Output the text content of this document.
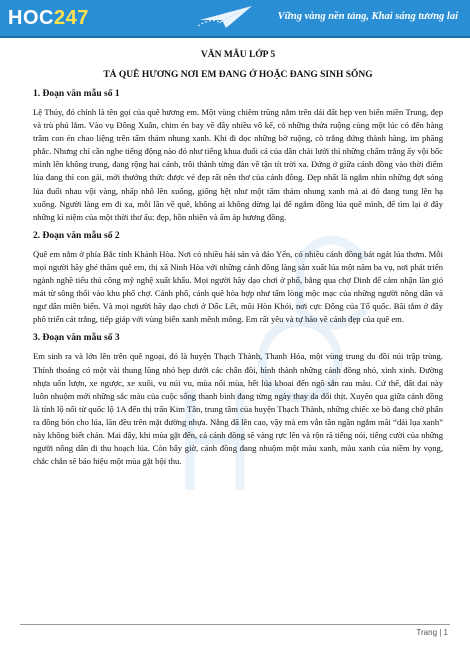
HOC247	Vững vàng nền tảng, Khai sáng tương lai

VĂN MẪU LỚP 5

TẢ QUÊ HƯƠNG NƠI EM ĐANG Ở HOẶC ĐANG SINH SỐNG

1. Đoạn văn mẫu số 1

Lệ Thủy, đó chính là tên gọi của quê hương em. Một vùng chiêm trũng nằm trên dải đất hẹp ven biển miền Trung, đẹp và trù phú lắm. Vào vụ Đông Xuân, chim én bay về đây nhiều vô kể, có những thửa ruộng cùng một lúc có đến hàng trăm con én chao liệng trên tấm thảm nhung xanh. Khi đi dọc những bờ ruộng, cò trắng đứng thành hàng, im phăng phắc. Nhưng chỉ cần nghe tiếng động nào đó như tiếng khua đuổi cá của dân chài lưới thì những chấm trắng ấy vội bốc mình lên không trung, đang rộng hai cánh, trôi thành từng đàn về tận tít trời xa. Đứng ở giữa cánh đồng vào thời điểm lúa đang thì con gái, mới thưởng thức được vẻ đẹp rất nên thơ của cánh đồng. Đẹp nhất là ngắm nhìn những đợt sóng lúa đuổi nhau vội vàng, nhấp nhô lên xuống, giống hệt như một tấm thảm nhung xanh mà ai đó đang tung lên hạ xuống. Người làng em đi xa, mỗi lần về quê, không ai không dừng lại để ngắm đồng lúa quê mình, để tìm lại ở đây những kỉ niệm của một thời thơ ấu: đẹp, hồn nhiên và ấm áp hương đồng.

2. Đoạn văn mẫu số 2

Quê em nằm ở phía Bắc tỉnh Khánh Hòa. Nơi có nhiều hải sản và đảo Yến, có nhiều cánh đồng bát ngát lúa thơm. Mỗi mọi người hãy ghé thăm quê em, thị xã Ninh Hòa với những cánh đồng làng sản xuất lúa một năm ba vụ, nơi phát triển ngành nghề tiểu thủ công mỹ nghệ xuất khẩu. Mọi người hãy dạo chơi ở phố, bằng qua chợ Dinh để cảm nhận làn gió mát từ sông thổi vào khu phố chợ. Cảnh phố, cảnh quê hòa hợp như tấm lòng mộc mạc của những người nông dân và ngư dân miền biển. Và mọi người hãy dạo chơi ở Dốc Lết, mũi Hòn Khói, nơi cực Đông của Tổ quốc. Bãi tắm ở đây phô triển cát trắng, tiếp giáp với vùng biển xanh mênh mông. Em rất yêu và tự hào về cảnh đẹp của quê em.

3. Đoạn văn mẫu số 3

Em sinh ra và lớn lên trên quê ngoại, đó là huyện Thạch Thành, Thanh Hóa, một vùng trung du đồi núi trập trùng. Thỉnh thoảng có một vài thung lũng nhỏ hẹp dưới các chân đồi, hình thành những cánh đồng nhỏ, xinh xinh. Đường nhựa uốn lượn, xe ngược, xe xuôi, vu núi vu, mùa nối mùa, hết lúa khoai đến ngô sắn rau màu. Cứ thế, đất đai này luôn nhuộm mới những sắc màu của cuộc sống thanh bình đang từng ngày thay da đổi thịt. Xuyên qua giữa cánh đồng là tỉnh lộ nối từ quốc lộ 1A đến thị trấn Kim Tân, trung tâm của huyện Thạch Thành, những chiếc xe bò đang chở phân ra đồng bón cho lúa, lăn đều trên mặt đường nhựa. Nắng đã lên cao, vậy mà em vẫn tần ngần ngắm mãi “dải lụa xanh” này không biết chán. Mai đây, khi mùa gặt đến, cả cánh đồng sẽ vàng rực lên và rộn rã tiếng nói, tiếng cười của những người nông dân đi thu hoạch lúa. Còn bây giờ, cánh đồng đang nhuộm một màu xanh, màu xanh của niềm hy vọng, chắc chắn sẽ báo hiệu một mùa gặt bội thu.

Trang | 1
